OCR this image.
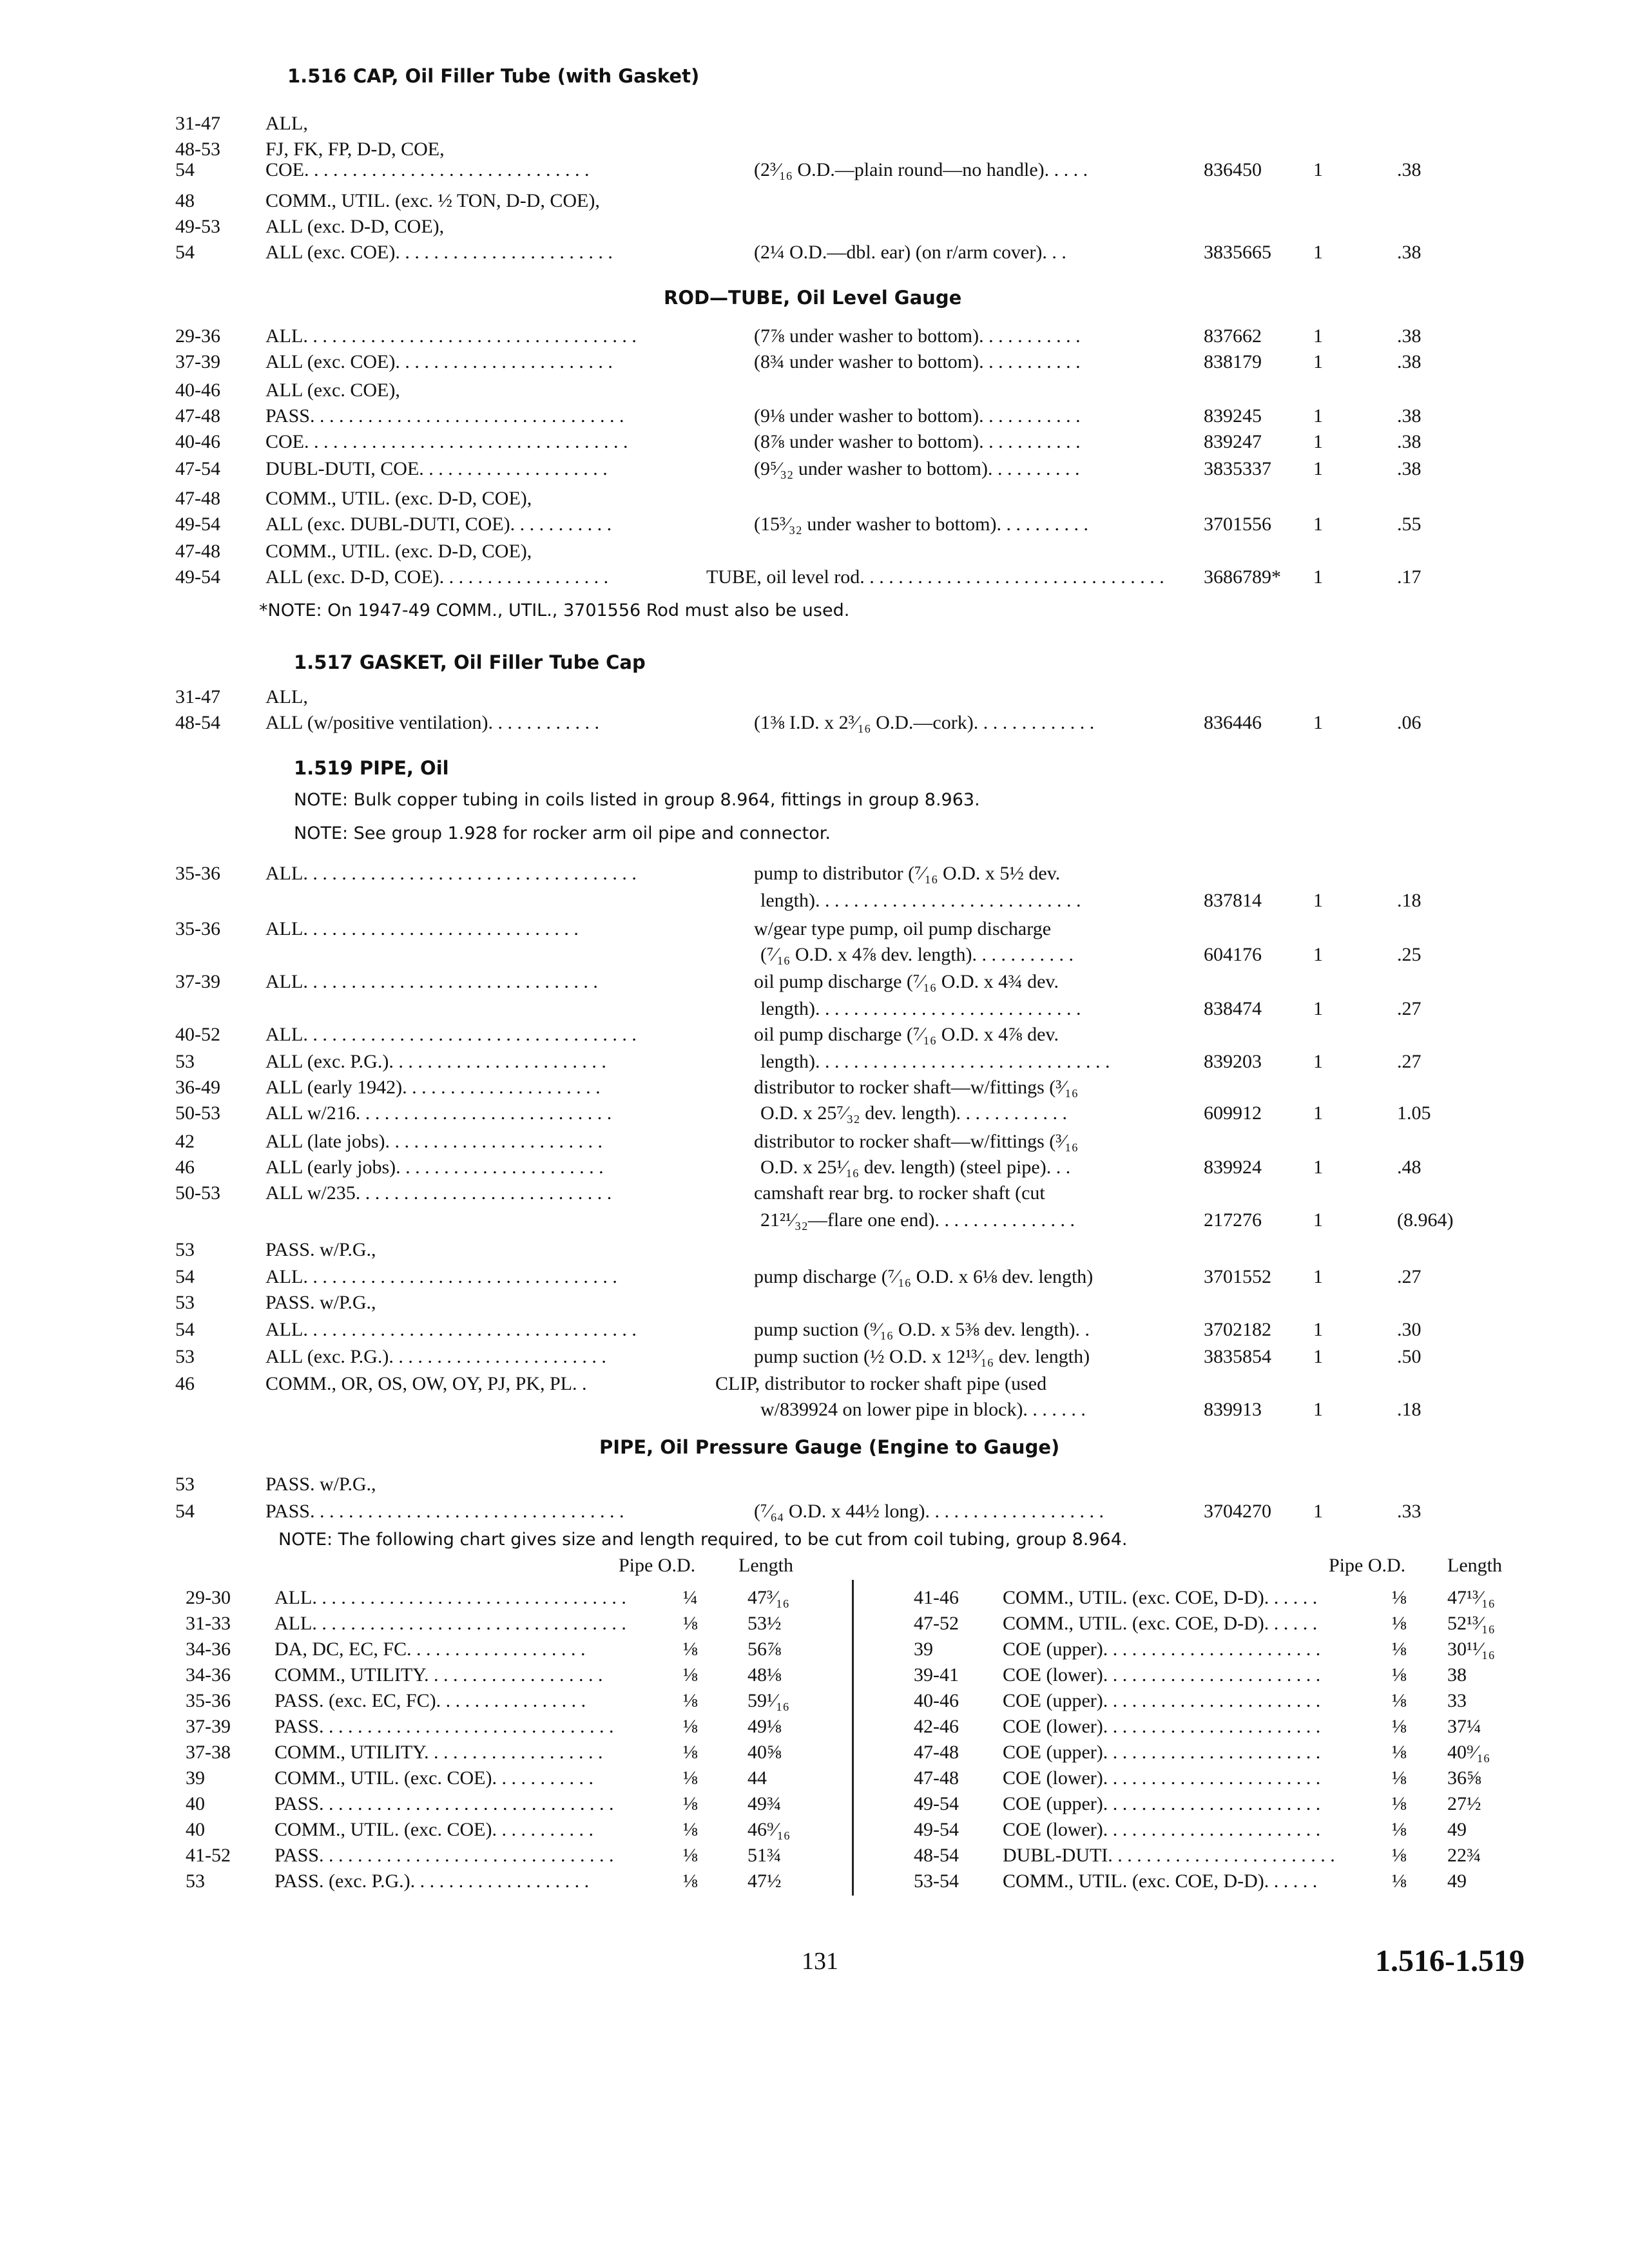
1.516 CAP, Oil Filler Tube (with Gasket)
31-47 ALL,
48-53 FJ, FK, FP, D-D, COE,
54	COE. . . . . . . . . . . . . . . . . . . . . . . . . . . . . .	(2³⁄₁₆ O.D.—plain round—no handle). . . . .	836450	1	.38
48	COMM., UTIL. (exc. ½ TON, D-D, COE),
49-53 ALL (exc. D-D, COE),
54	ALL (exc. COE). . . . . . . . . . . . . . . . . . . . . . .	(2¼ O.D.—dbl. ear) (on r/arm cover). . .	3835665 1	.38
ROD—TUBE, Oil Level Gauge
29-36 ALL. . . . . . . . . . . . . . . . . . . . . . . . . . . . . . . . . . .	(7⅞ under washer to bottom). . . . . . . . . . .	837662	1	.38
37-39 ALL (exc. COE). . . . . . . . . . . . . . . . . . . . . . .	(8¾ under washer to bottom). . . . . . . . . . .	838179	1	.38
40-46 ALL (exc. COE),
47-48 PASS. . . . . . . . . . . . . . . . . . . . . . . . . . . . . . . . .	(9⅛ under washer to bottom). . . . . . . . . . .	839245	1	.38
40-46 COE. . . . . . . . . . . . . . . . . . . . . . . . . . . . . . . . . .	(8⅞ under washer to bottom). . . . . . . . . . .	839247	1	.38
47-54 DUBL-DUTI, COE. . . . . . . . . . . . . . . . . . . .	(9⁵⁄₃₂ under washer to bottom). . . . . . . . . .	3835337 1	.38
47-48 COMM., UTIL. (exc. D-D, COE),
49-54 ALL (exc. DUBL-DUTI, COE). . . . . . . . . . .	(15³⁄₃₂ under washer to bottom). . . . . . . . . .	3701556 1	.55
47-48 COMM., UTIL. (exc. D-D, COE),
49-54 ALL (exc. D-D, COE). . . . . . . . . . . . . . . . . .	TUBE, oil level rod. . . . . . . . . . . . . . . . . . . . . . . . . . . . . . . . 3686789* 1	.17
*NOTE: On 1947-49 COMM., UTIL., 3701556 Rod must also be used.
1.517 GASKET, Oil Filler Tube Cap
31-47 ALL,
48-54 ALL (w/positive ventilation). . . . . . . . . . . .	(1⅜ I.D. x 2³⁄₁₆ O.D.—cork). . . . . . . . . . . . .	836446	1	.06
1.519 PIPE, Oil
NOTE: Bulk copper tubing in coils listed in group 8.964, fittings in group 8.963.
NOTE: See group 1.928 for rocker arm oil pipe and connector.
35-36 ALL. . . . . . . . . . . . . . . . . . . . . . . . . . . . . . . . . . .	pump to distributor (⁷⁄₁₆ O.D. x 5½ dev.
length). . . . . . . . . . . . . . . . . . . . . . . . . . . .	837814	1	.18
35-36 ALL. . . . . . . . . . . . . . . . . . . . . . . . . . . . .	w/gear type pump, oil pump discharge
(⁷⁄₁₆ O.D. x 4⅞ dev. length). . . . . . . . . . .	604176	1	.25
37-39 ALL. . . . . . . . . . . . . . . . . . . . . . . . . . . . . . .	oil pump discharge (⁷⁄₁₆ O.D. x 4¾ dev.
length). . . . . . . . . . . . . . . . . . . . . . . . . . . .	838474	1	.27
40-52 ALL. . . . . . . . . . . . . . . . . . . . . . . . . . . . . . . . . . .	oil pump discharge (⁷⁄₁₆ O.D. x 4⅞ dev.
53	ALL (exc. P.G.). . . . . . . . . . . . . . . . . . . . . . .	length). . . . . . . . . . . . . . . . . . . . . . . . . . . . . . .	839203	1	.27
36-49 ALL (early 1942). . . . . . . . . . . . . . . . . . . . .	distributor to rocker shaft—w/fittings (³⁄₁₆
50-53 ALL w/216. . . . . . . . . . . . . . . . . . . . . . . . . . .	O.D. x 25⁷⁄₃₂ dev. length). . . . . . . . . . . .	609912	1	1.05
42	ALL (late jobs). . . . . . . . . . . . . . . . . . . . . . .	distributor to rocker shaft—w/fittings (³⁄₁₆
46	ALL (early jobs). . . . . . . . . . . . . . . . . . . . . .	O.D. x 25¹⁄₁₆ dev. length) (steel pipe). . .	839924	1	.48
50-53 ALL w/235. . . . . . . . . . . . . . . . . . . . . . . . . . .	camshaft rear brg. to rocker shaft (cut
21²¹⁄₃₂—flare one end). . . . . . . . . . . . . . .	217276	1	(8.964)
53	PASS. w/P.G.,
54	ALL. . . . . . . . . . . . . . . . . . . . . . . . . . . . . . . . .	pump discharge (⁷⁄₁₆ O.D. x 6⅛ dev. length)	3701552 1	.27
53	PASS. w/P.G.,
54	ALL. . . . . . . . . . . . . . . . . . . . . . . . . . . . . . . . . . .	pump suction (⁹⁄₁₆ O.D. x 5⅜ dev. length). .	3702182 1	.30
53	ALL (exc. P.G.). . . . . . . . . . . . . . . . . . . . . . .	pump suction (½ O.D. x 12¹³⁄₁₆ dev. length)	3835854 1	.50
46	COMM., OR, OS, OW, OY, PJ, PK, PL. .	CLIP, distributor to rocker shaft pipe (used
w/839924 on lower pipe in block). . . . . . .	839913	1	.18
PIPE, Oil Pressure Gauge (Engine to Gauge)
53	PASS. w/P.G.,
54	PASS. . . . . . . . . . . . . . . . . . . . . . . . . . . . . . . . .	(⁷⁄₆₄ O.D. x 44½ long). . . . . . . . . . . . . . . . . . .	3704270 1	.33
NOTE: The following chart gives size and length required, to be cut from coil tubing, group 8.964.
Pipe O.D. Length	Pipe O.D. Length
29-30 ALL. . . . . . . . . . . . . . . . . . . . . . . . . . . . . . . . .	¼	47³⁄₁₆
31-33 ALL. . . . . . . . . . . . . . . . . . . . . . . . . . . . . . . . .	⅛	53½
34-36 DA, DC, EC, FC. . . . . . . . . . . . . . . . . . .	⅛	56⅞
34-36 COMM., UTILITY. . . . . . . . . . . . . . . . . . .	⅛	48⅛
35-36 PASS. (exc. EC, FC). . . . . . . . . . . . . . . .	⅛	59¹⁄₁₆
37-39 PASS. . . . . . . . . . . . . . . . . . . . . . . . . . . . . . .	⅛	49⅛
37-38 COMM., UTILITY. . . . . . . . . . . . . . . . . . .	⅛	40⅝
39	COMM., UTIL. (exc. COE). . . . . . . . . . .	⅛	44
40	PASS. . . . . . . . . . . . . . . . . . . . . . . . . . . . . . .	⅛	49¾
40	COMM., UTIL. (exc. COE). . . . . . . . . . .	⅛	46⁹⁄₁₆
41-52 PASS. . . . . . . . . . . . . . . . . . . . . . . . . . . . . . .	⅛	51¾
53	PASS. (exc. P.G.). . . . . . . . . . . . . . . . . . .	⅛	47½
41-46 COMM., UTIL. (exc. COE, D-D). . . . . .	⅛ 47¹³⁄₁₆
47-52 COMM., UTIL. (exc. COE, D-D). . . . . .	⅛ 52¹³⁄₁₆
39	COE (upper). . . . . . . . . . . . . . . . . . . . . . .	⅛ 30¹¹⁄₁₆
39-41 COE (lower). . . . . . . . . . . . . . . . . . . . . . .	⅛ 38
40-46 COE (upper). . . . . . . . . . . . . . . . . . . . . . .	⅛ 33
42-46 COE (lower). . . . . . . . . . . . . . . . . . . . . . .	⅛ 37¼
47-48 COE (upper). . . . . . . . . . . . . . . . . . . . . . .	⅛ 40⁹⁄₁₆
47-48 COE (lower). . . . . . . . . . . . . . . . . . . . . . .	⅛ 36⅝
49-54 COE (upper). . . . . . . . . . . . . . . . . . . . . . .	⅛ 27½
49-54 COE (lower). . . . . . . . . . . . . . . . . . . . . . .	⅛ 49
48-54 DUBL-DUTI. . . . . . . . . . . . . . . . . . . . . . . .	⅛ 22¾
53-54 COMM., UTIL. (exc. COE, D-D). . . . . .	⅛ 49
131	1.516-1.519
